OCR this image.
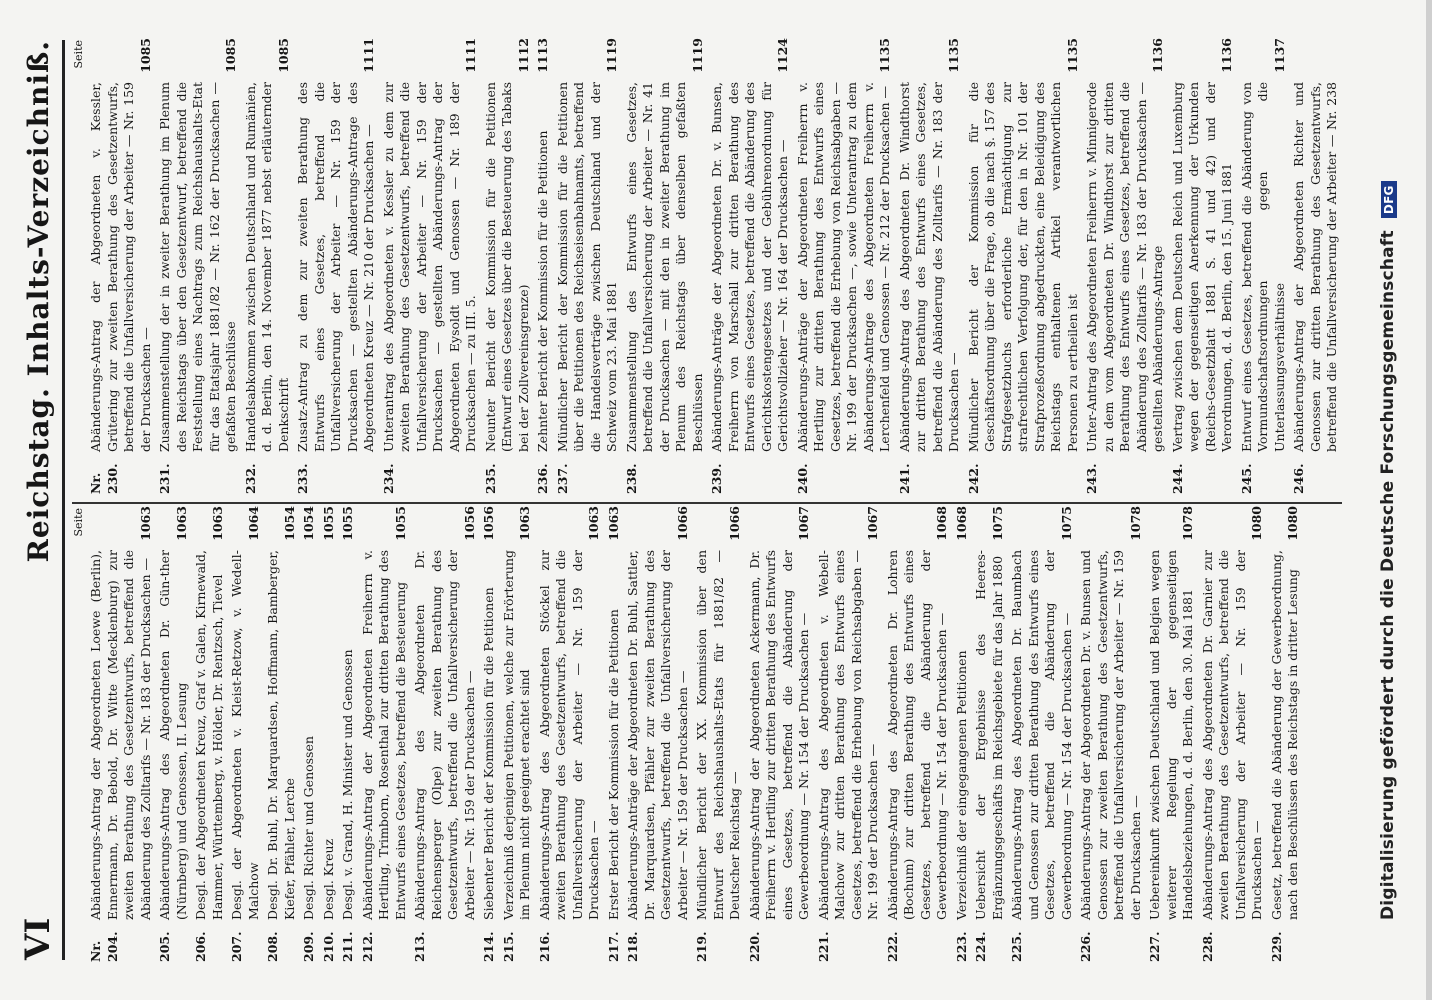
VI
Reichstag. Inhalts-Verzeichniß. Seite
Nr. 204.
Abänderungs-Antrag der Abgeordneten Loewe (Berlin), Ennermann, Dr. Bebold, Dr. Witte (Mecklenburg) zur zweiten Berathung des Gesetzentwurfs, betreffend die Abänderung des Zolltarifs — Nr. 183 der Drucksachen —
1063
205.
Abänderungs-Antrag des Abgeordneten Dr. Gün-ther (Nürnberg) und Genossen, II. Lesung
1063
206.
Desgl. der Abgeordneten Kreuz, Graf v. Galen, Kirnewald, Hammer, Württemberg, v. Hölder, Dr. Rentzsch, Tievel
1063
207.
Desgl. der Abgeordneten v. Kleist-Retzow, v. Wedell-Malchow
1064
208.
Desgl. Dr. Buhl, Dr. Marquardsen, Hoffmann, Bamberger, Kiefer, Pfähler, Lerche
1054
209.
Desgl. Richter und Genossen
1054
210.
Desgl. Kreuz
1055
211.
Desgl. v. Grand, H. Minister und Genossen
1055
212.
Abänderungs-Antrag der Abgeordneten Freiherrn v. Hertling, Trimborn, Rosenthal zur dritten Berathung des Entwurfs eines Gesetzes, betreffend die Besteuerung
1055
213.
Abänderungs-Antrag des Abgeordneten Dr. Reichensperger (Olpe) zur zweiten Berathung des Gesetzentwurfs, betreffend die Unfallversicherung der Arbeiter — Nr. 159 der Drucksachen —
1056
214.
Siebenter Bericht der Kommission für die Petitionen
1056
215.
Verzeichniß derjenigen Petitionen, welche zur Erörterung im Plenum nicht geeignet erachtet sind
1063
216.
Abänderungs-Antrag des Abgeordneten Stöckel zur zweiten Berathung des Gesetzentwurfs, betreffend die Unfallversicherung der Arbeiter — Nr. 159 der Drucksachen —
1063
217.
Erster Bericht der Kommission für die Petitionen
1063
218.
Abänderungs-Anträge der Abgeordneten Dr. Buhl, Sattler, Dr. Marquardsen, Pfähler zur zweiten Berathung des Gesetzentwurfs, betreffend die Unfallversicherung der Arbeiter — Nr. 159 der Drucksachen —
1066
219.
Mündlicher Bericht der XX. Kommission über den Entwurf des Reichshaushalts-Etats für 1881/82 — Deutscher Reichstag —
1066
220.
Abänderungs-Antrag der Abgeordneten Ackermann, Dr. Freiherrn v. Hertling zur dritten Berathung des Entwurfs eines Gesetzes, betreffend die Abänderung der Gewerbeordnung — Nr. 154 der Drucksachen —
1067
221.
Abänderungs-Antrag des Abgeordneten v. Webell-Malchow zur dritten Berathung des Entwurfs eines Gesetzes, betreffend die Erhebung von Reichsabgaben — Nr. 199 der Drucksachen —
1067
222.
Abänderungs-Antrag des Abgeordneten Dr. Lohren (Bochum) zur dritten Berathung des Entwurfs eines Gesetzes, betreffend die Abänderung der Gewerbeordnung — Nr. 154 der Drucksachen —
1068
223.
Verzeichniß der eingegangenen Petitionen
1068
224.
Uebersicht der Ergebnisse des Heeres-Ergänzungsgeschäfts im Reichsgebiete für das Jahr 1880
1075
225.
Abänderungs-Antrag des Abgeordneten Dr. Baumbach und Genossen zur dritten Berathung des Entwurfs eines Gesetzes, betreffend die Abänderung der Gewerbeordnung — Nr. 154 der Drucksachen —
1075
226.
Abänderungs-Antrag der Abgeordneten Dr. v. Bunsen und Genossen zur zweiten Berathung des Gesetzentwurfs, betreffend die Unfallversicherung der Arbeiter — Nr. 159 der Drucksachen —
1078
227.
Uebereinkunft zwischen Deutschland und Belgien wegen weiterer Regelung der gegenseitigen Handelsbeziehungen, d. d. Berlin, den 30. Mai 1881
1078
228.
Abänderungs-Antrag des Abgeordneten Dr. Garnier zur zweiten Berathung des Gesetzentwurfs, betreffend die Unfallversicherung der Arbeiter — Nr. 159 der Drucksachen —
1080
229.
Gesetz, betreffend die Abänderung der Gewerbeordnung, nach den Beschlüssen des Reichstags in dritter Lesung
1080
Seite
Nr. 230.
Abänderungs-Antrag der Abgeordneten v. Kessler, Grütering zur zweiten Berathung des Gesetzentwurfs, betreffend die Unfallversicherung der Arbeiter — Nr. 159 der Drucksachen —
1085
231.
Zusammenstellung der in zweiter Berathung im Plenum des Reichstags über den Gesetzentwurf, betreffend die Feststellung eines Nachtrags zum Reichshaushalts-Etat für das Etatsjahr 1881/82 — Nr. 162 der Drucksachen — gefaßten Beschlüsse
1085
232.
Handelsabkommen zwischen Deutschland und Rumänien, d. d. Berlin, den 14. November 1877 nebst erläuternder Denkschrift
1085
233.
Zusatz-Antrag zu dem zur zweiten Berathung des Entwurfs eines Gesetzes, betreffend die Unfallversicherung der Arbeiter — Nr. 159 der Drucksachen — gestellten Abänderungs-Antrage des Abgeordneten Kreuz — Nr. 210 der Drucksachen —
1111
234.
Unterantrag des Abgeordneten v. Kessler zu dem zur zweiten Berathung des Gesetzentwurfs, betreffend die Unfallversicherung der Arbeiter — Nr. 159 der Drucksachen — gestellten Abänderungs-Antrag der Abgeordneten Eysoldt und Genossen — Nr. 189 der Drucksachen — zu III. 5.
1111
235.
Neunter Bericht der Kommission für die Petitionen (Entwurf eines Gesetzes über die Besteuerung des Tabaks bei der Zollvereinsgrenze)
1112
236.
Zehnter Bericht der Kommission für die Petitionen
1113
237.
Mündlicher Bericht der Kommission für die Petitionen über die Petitionen des Reichseisenbahnamts, betreffend die Handelsverträge zwischen Deutschland und der Schweiz vom 23. Mai 1881
1119
238.
Zusammenstellung des Entwurfs eines Gesetzes, betreffend die Unfallversicherung der Arbeiter — Nr. 41 der Drucksachen — mit den in zweiter Berathung im Plenum des Reichstags über denselben gefaßten Beschlüssen
1119
239.
Abänderungs-Anträge der Abgeordneten Dr. v. Bunsen, Freiherrn von Marschall zur dritten Berathung des Entwurfs eines Gesetzes, betreffend die Abänderung des Gerichtskostengesetzes und der Gebührenordnung für Gerichtsvollzieher — Nr. 164 der Drucksachen —
1124
240.
Abänderungs-Anträge der Abgeordneten Freiherrn v. Hertling zur dritten Berathung des Entwurfs eines Gesetzes, betreffend die Erhebung von Reichsabgaben — Nr. 199 der Drucksachen —, sowie Unterantrag zu dem Abänderungs-Antrage des Abgeordneten Freiherrn v. Lerchenfeld und Genossen — Nr. 212 der Drucksachen —
1135
241.
Abänderungs-Antrag des Abgeordneten Dr. Windthorst zur dritten Berathung des Entwurfs eines Gesetzes, betreffend die Abänderung des Zolltarifs — Nr. 183 der Drucksachen —
1135
242.
Mündlicher Bericht der Kommission für die Geschäftsordnung über die Frage, ob die nach §. 157 des Strafgesetzbuchs erforderliche Ermächtigung zur strafrechtlichen Verfolgung der, für den in Nr. 101 der Strafprozeßordnung abgedruckten, eine Beleidigung des Reichstags enthaltenen Artikel verantwortlichen Personen zu ertheilen ist
1135
243.
Unter-Antrag des Abgeordneten Freiherrn v. Minnigerode zu dem vom Abgeordneten Dr. Windthorst zur dritten Berathung des Entwurfs eines Gesetzes, betreffend die Abänderung des Zolltarifs — Nr. 183 der Drucksachen — gestellten Abänderungs-Antrage
1136
244.
Vertrag zwischen dem Deutschen Reich und Luxemburg wegen der gegenseitigen Anerkennung der Urkunden (Reichs-Gesetzblatt 1881 S. 41 und 42) und der Verordnungen, d. d. Berlin, den 15. Juni 1881
1136
245.
Entwurf eines Gesetzes, betreffend die Abänderung von Vormundschaftsordnungen gegen die Unterlassungsverhältnisse
1137
246.
Abänderungs-Antrag der Abgeordneten Richter und Genossen zur dritten Berathung des Gesetzentwurfs, betreffend die Unfallversicherung der Arbeiter — Nr. 238
Digitalisierung gefördert durch die Deutsche Forschungsgemeinschaft DFG
